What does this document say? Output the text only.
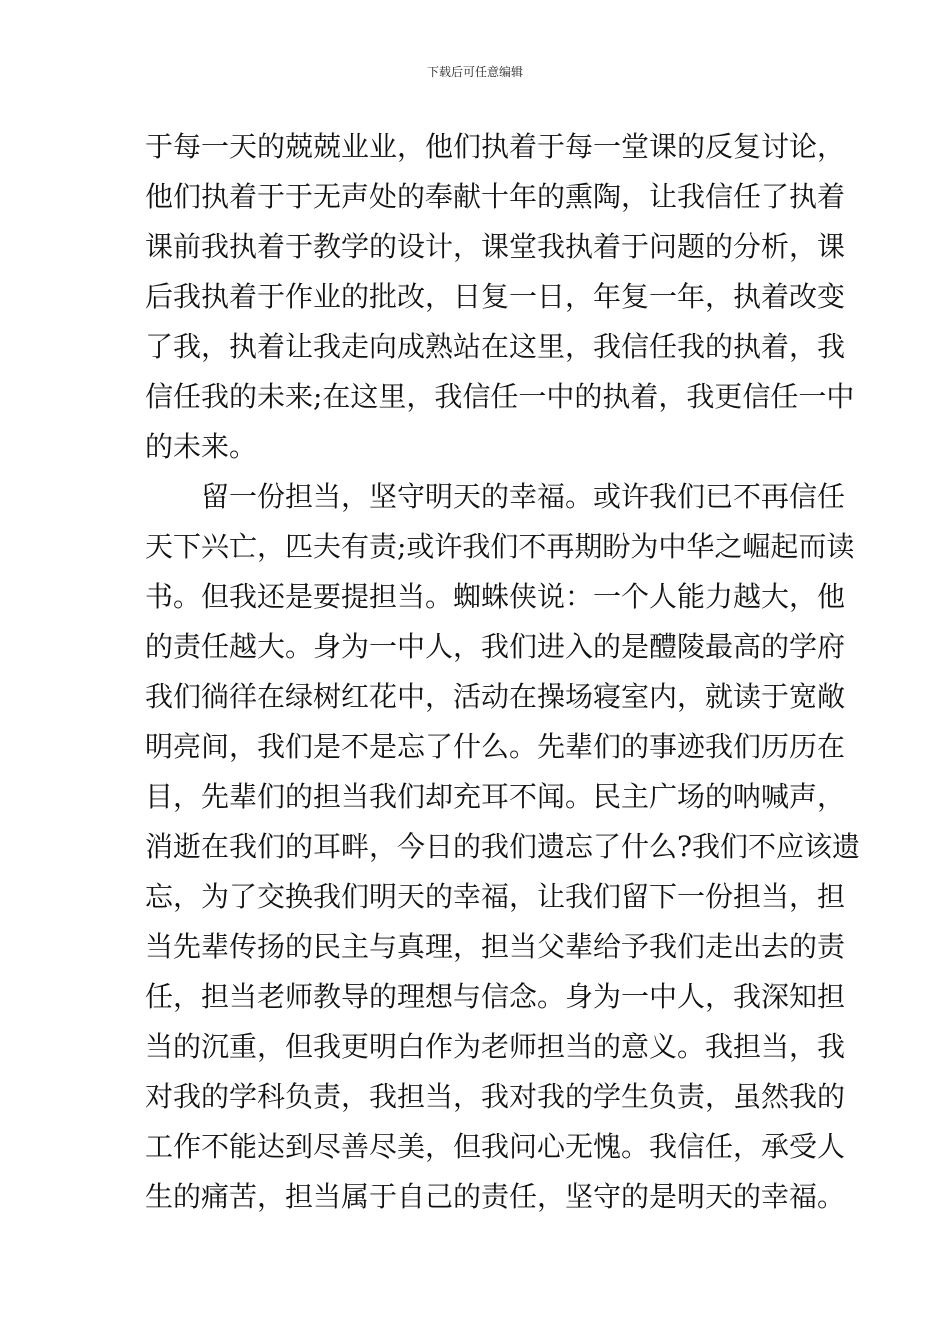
下载后可任意编辑
于每一天的兢兢业业，他们执着于每一堂课的反复讨论，
他们执着于于无声处的奉献十年的熏陶，让我信任了执着
课前我执着于教学的设计，课堂我执着于问题的分析，课
后我执着于作业的批改，日复一日，年复一年，执着改变
了我，执着让我走向成熟站在这里，我信任我的执着，我
信任我的未来;在这里，我信任一中的执着，我更信任一中
的未来。
　　留一份担当，坚守明天的幸福。或许我们已不再信任
天下兴亡，匹夫有责;或许我们不再期盼为中华之崛起而读
书。但我还是要提担当。蜘蛛侠说：一个人能力越大，他
的责任越大。身为一中人，我们进入的是醴陵最高的学府
我们徜徉在绿树红花中，活动在操场寝室内，就读于宽敞
明亮间，我们是不是忘了什么。先辈们的事迹我们历历在
目，先辈们的担当我们却充耳不闻。民主广场的呐喊声，
消逝在我们的耳畔，今日的我们遗忘了什么?我们不应该遗
忘，为了交换我们明天的幸福，让我们留下一份担当，担
当先辈传扬的民主与真理，担当父辈给予我们走出去的责
任，担当老师教导的理想与信念。身为一中人，我深知担
当的沉重，但我更明白作为老师担当的意义。我担当，我
对我的学科负责，我担当，我对我的学生负责，虽然我的
工作不能达到尽善尽美，但我问心无愧。我信任，承受人
生的痛苦，担当属于自己的责任，坚守的是明天的幸福。
